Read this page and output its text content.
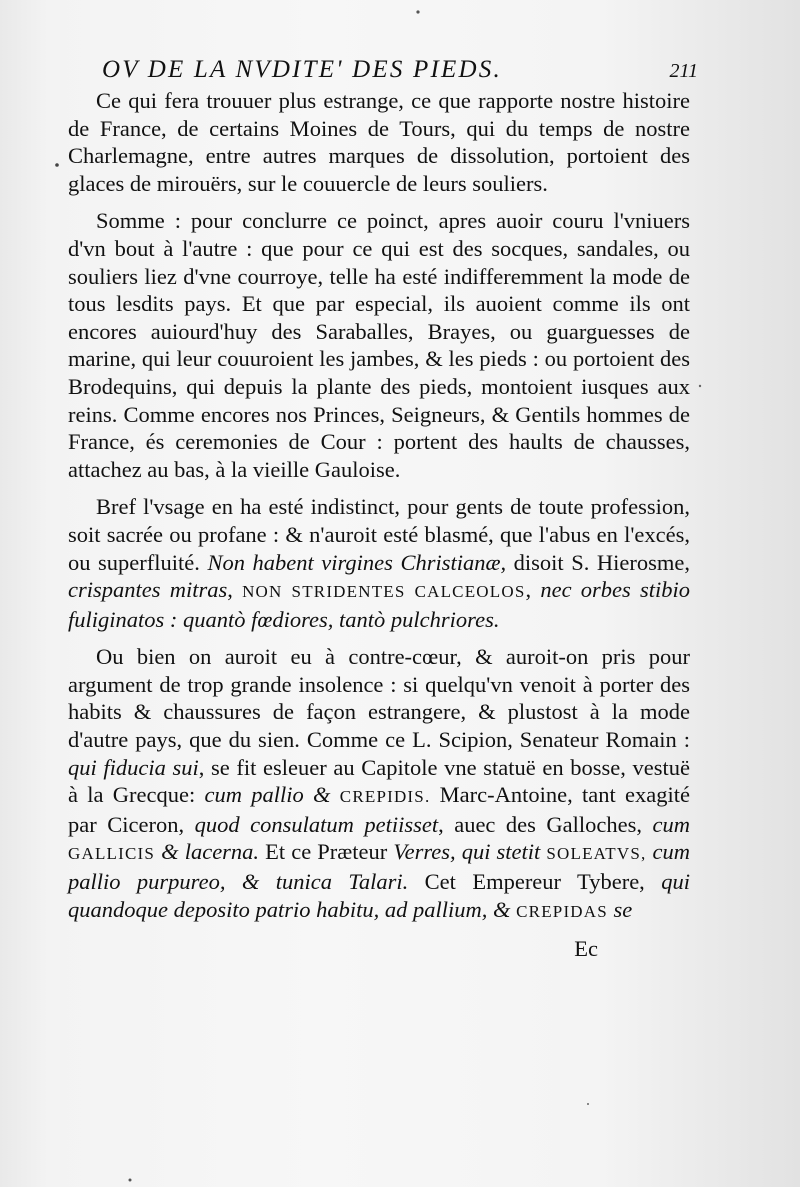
OV DE LA NVDITE' DES PIEDS.	211

Ce qui fera trouuer plus estrange, ce que rapporte nostre histoire de France, de certains Moines de Tours, qui du temps de nostre Charlemagne, entre autres marques de dissolution, portoient des glaces de mirouërs, sur le couuercle de leurs souliers.

Somme : pour conclurre ce poinct, apres auoir couru l'vniuers d'vn bout à l'autre : que pour ce qui est des socques, sandales, ou souliers liez d'vne courroye, telle ha esté indifferemment la mode de tous lesdits pays. Et que par especial, ils auoient comme ils ont encores auiourd'huy des Saraballes, Brayes, ou guarguesses de marine, qui leur couuroient les jambes, & les pieds : ou portoient des Brodequins, qui depuis la plante des pieds, montoient iusques aux reins. Comme encores nos Princes, Seigneurs, & Gentils hommes de France, és ceremonies de Cour : portent des haults de chausses, attachez au bas, à la vieille Gauloise.

Bref l'vsage en ha esté indistinct, pour gents de toute profession, soit sacrée ou profane : & n'auroit esté blasmé, que l'abus en l'excés, ou superfluité. Non habent virgines Christianæ, disoit S. Hierosme, crispantes mitras, NON STRIDENTES CALCEOLOS, nec orbes stibio fuliginatos : quantò fœdiores, tantò pulchriores.

Ou bien on auroit eu à contre-cœur, & auroit-on pris pour argument de trop grande insolence : si quelqu'vn venoit à porter des habits & chaussures de façon estrangere, & plustost à la mode d'autre pays, que du sien. Comme ce L. Scipion, Senateur Romain : qui fiducia sui, se fit esleuer au Capitole vne statuë en bosse, vestuë à la Grecque: cum pallio & CREPIDIS. Marc-Antoine, tant exagité par Ciceron, quod consulatum petiisset, auec des Galloches, cum GALLICIS & lacerna. Et ce Præteur Verres, qui stetit SOLEATVS, cum pallio purpureo, & tunica Talari. Cet Empereur Tybere, qui quandoque deposito patrio habitu, ad pallium, & CREPIDAS se

Ec
